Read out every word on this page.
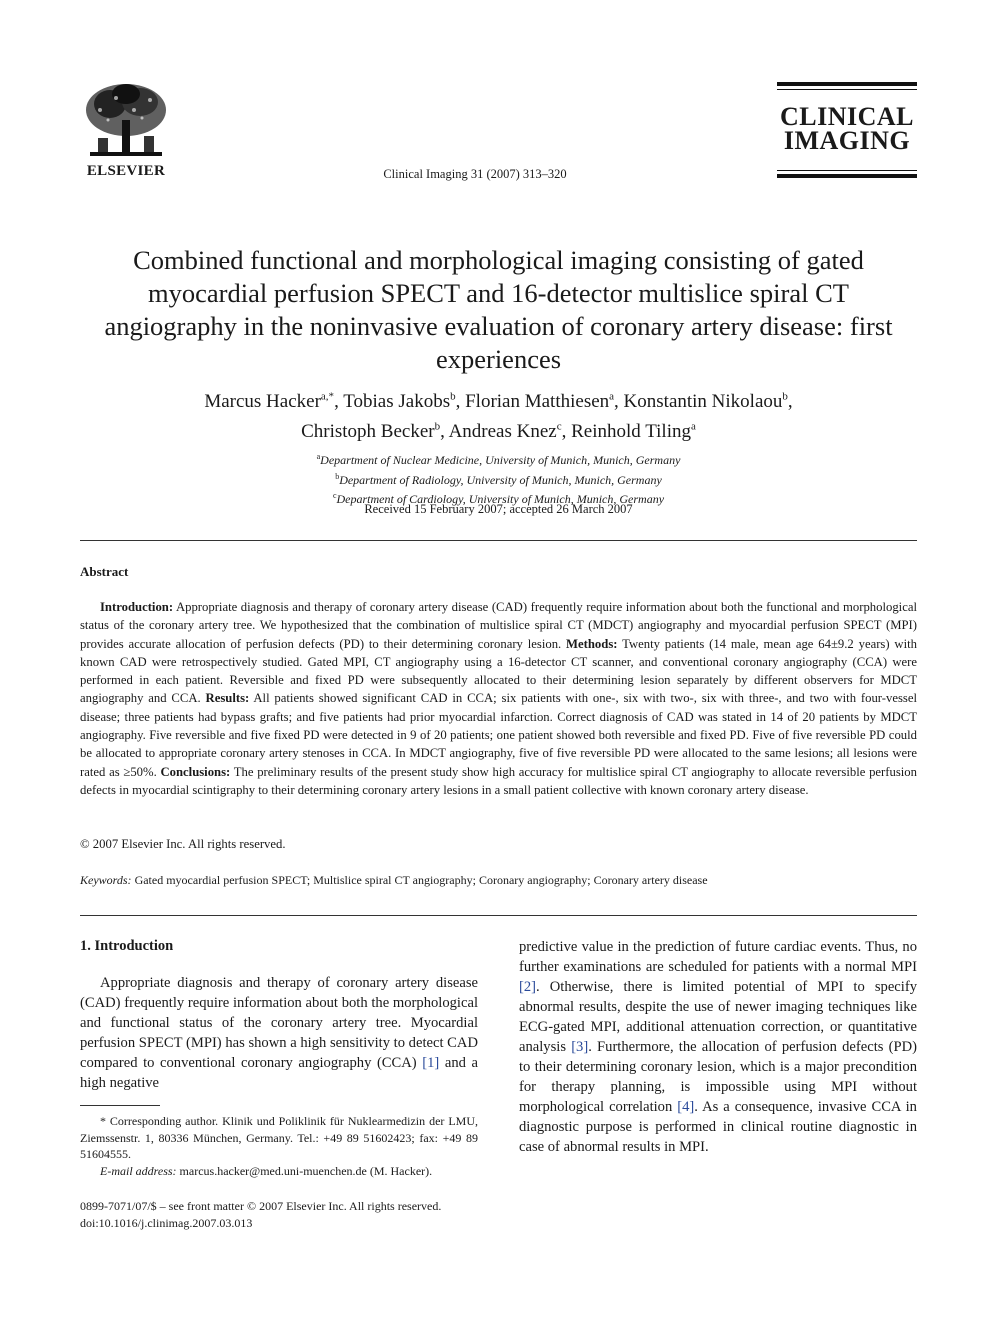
ELSEVIER	Clinical Imaging 31 (2007) 313–320
CLINICAL
IMAGING
Combined functional and morphological imaging consisting of gated myocardial perfusion SPECT and 16-detector multislice spiral CT angiography in the noninvasive evaluation of coronary artery disease: first experiences
Marcus Hacker$^{a,*}$, Tobias Jakobs$^b$, Florian Matthiesen$^a$, Konstantin Nikolaou$^b$,
Christoph Becker$^b$, Andreas Knez$^c$, Reinhold Tiling$^a$
$^a$Department of Nuclear Medicine, University of Munich, Munich, Germany
$^b$Department of Radiology, University of Munich, Munich, Germany
$^c$Department of Cardiology, University of Munich, Munich, Germany
Received 15 February 2007; accepted 26 March 2007
Abstract

Introduction: Appropriate diagnosis and therapy of coronary artery disease (CAD) frequently require information about both the functional and morphological status of the coronary artery tree. We hypothesized that the combination of multislice spiral CT (MDCT) angiography and myocardial perfusion SPECT (MPI) provides accurate allocation of perfusion defects (PD) to their determining coronary lesion. Methods: Twenty patients (14 male, mean age 64±9.2 years) with known CAD were retrospectively studied. Gated MPI, CT angiography using a 16-detector CT scanner, and conventional coronary angiography (CCA) were performed in each patient. Reversible and fixed PD were subsequently allocated to their determining lesion separately by different observers for MDCT angiography and CCA. Results: All patients showed significant CAD in CCA; six patients with one-, six with two-, six with three-, and two with four-vessel disease; three patients had bypass grafts; and five patients had prior myocardial infarction. Correct diagnosis of CAD was stated in 14 of 20 patients by MDCT angiography. Five reversible and five fixed PD were detected in 9 of 20 patients; one patient showed both reversible and fixed PD. Five of five reversible PD could be allocated to appropriate coronary artery stenoses in CCA. In MDCT angiography, five of five reversible PD were allocated to the same lesions; all lesions were rated as ≥50%. Conclusions: The preliminary results of the present study show high accuracy for multislice spiral CT angiography to allocate reversible perfusion defects in myocardial scintigraphy to their determining coronary artery lesions in a small patient collective with known coronary artery disease.

© 2007 Elsevier Inc. All rights reserved.
Keywords: Gated myocardial perfusion SPECT; Multislice spiral CT angiography; Coronary angiography; Coronary artery disease
1. Introduction

Appropriate diagnosis and therapy of coronary artery disease (CAD) frequently require information about both the morphological and functional status of the coronary artery tree. Myocardial perfusion SPECT (MPI) has shown a high sensitivity to detect CAD compared to conventional coronary angiography (CCA) [1] and a high negative

* Corresponding author. Klinik und Poliklinik für Nuklearmedizin der LMU, Ziemssenstr. 1, 80336 München, Germany. Tel.: +49 89 51602423; fax: +49 89 51604555.

E-mail address: marcus.hacker@med.uni-muenchen.de (M. Hacker).

0899-7071/07/$ – see front matter © 2007 Elsevier Inc. All rights reserved.
doi:10.1016/j.clinimag.2007.03.013

predictive value in the prediction of future cardiac events. Thus, no further examinations are scheduled for patients with a normal MPI [2]. Otherwise, there is limited potential of MPI to specify abnormal results, despite the use of newer imaging techniques like ECG-gated MPI, additional attenuation correction, or quantitative analysis [3]. Furthermore, the allocation of perfusion defects (PD) to their determining coronary lesion, which is a major precondition for therapy planning, is impossible using MPI without morphological correlation [4]. As a consequence, invasive CCA in diagnostic purpose is performed in clinical routine diagnostic in case of abnormal results in MPI.
